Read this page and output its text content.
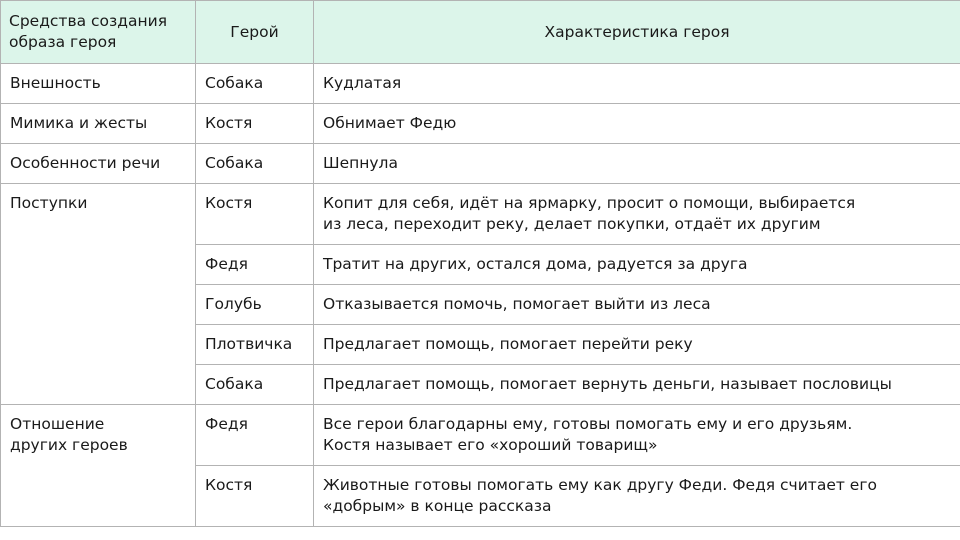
Средства создания
образа героя	Герой	Характеристика героя

Внешность	Собака	Кудлатая

Мимика и жесты	Костя	Обнимает Федю

Особенности речи	Собака	Шепнула

Поступки	Костя	Копит для себя, идёт на ярмарку, просит о помощи, выбирается
из леса, переходит реку, делает покупки, отдаёт их другим

	Федя	Тратит на других, остался дома, радуется за друга

	Голубь	Отказывается помочь, помогает выйти из леса

	Плотвичка	Предлагает помощь, помогает перейти реку

	Собака	Предлагает помощь, помогает вернуть деньги, называет пословицы

Отношение
других героев	Федя	Все герои благодарны ему, готовы помогать ему и его друзьям.
Костя называет его «хороший товарищ»

	Костя	Животные готовы помогать ему как другу Феди. Федя считает его
«добрым» в конце рассказа
